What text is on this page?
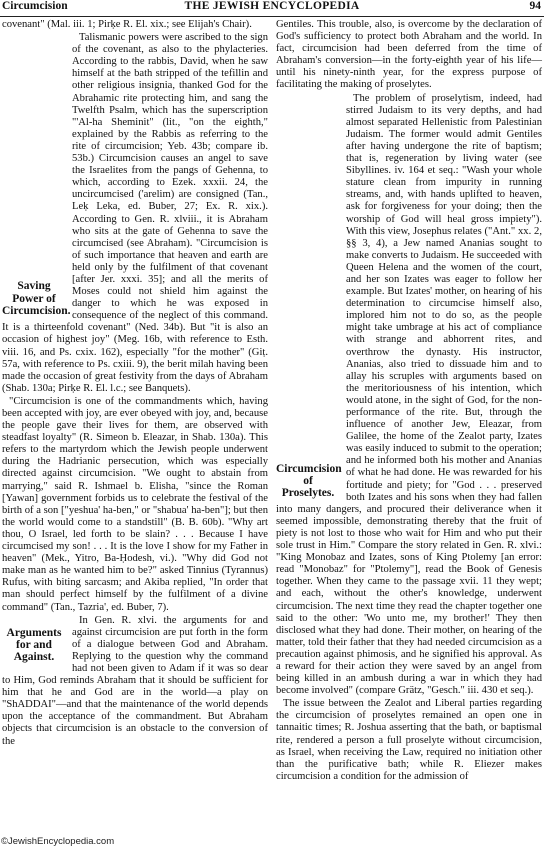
Circumcision	THE JEWISH ENCYCLOPEDIA	94

covenant" (Mal. iii. 1; Pirḳe R. El. xix.; see Elijah's Chair).

Saving Power of Circumcision.
Talismanic powers were ascribed to the sign of the covenant, as also to the phylacteries. According to the rabbis, David, when he saw himself at the bath stripped of the tefillin and other religious insignia, thanked God for the Abrahamic rite protecting him, and sang the Twelfth Psalm, which has the superscription "'Al-ha Sheminit" (lit., "on the eighth," explained by the Rabbis as referring to the rite of circumcision; Yeb. 43b; compare ib. 53b.) Circumcision causes an angel to save the Israelites from the pangs of Gehenna, to which, according to Ezek. xxxii. 24, the uncircumcised ('arelim) are consigned (Tan., Leḳ Leka, ed. Buber, 27; Ex. R. xix.). According to Gen. R. xlviii., it is Abraham who sits at the gate of Gehenna to save the circumcised (see Abraham). "Circumcision is of such importance that heaven and earth are held only by the fulfilment of that covenant [after Jer. xxxi. 35]; and all the merits of Moses could not shield him against the danger to which he was exposed in consequence of the neglect of this command. It is a thirteenfold covenant" (Ned. 34b). But "it is also an occasion of highest joy" (Meg. 16b, with reference to Esth. viii. 16, and Ps. cxix. 162), especially "for the mother" (Giṭ. 57a, with reference to Ps. cxiii. 9), the berit milah having been made the occasion of great festivity from the days of Abraham (Shab. 130a; Pirḳe R. El. l.c.; see Banquets).

"Circumcision is one of the commandments which, having been accepted with joy, are ever obeyed with joy, and, because the people gave their lives for them, are observed with steadfast loyalty" (R. Simeon b. Eleazar, in Shab. 130a). This refers to the martyrdom which the Jewish people underwent during the Hadrianic persecution, which was especially directed against circumcision. "We ought to abstain from marrying," said R. Ishmael b. Elisha, "since the Roman [Yawan] government forbids us to celebrate the festival of the birth of a son ["yeshua' ha-ben," or "shabua' ha-ben"]; but then the world would come to a standstill" (B. B. 60b). "Why art thou, O Israel, led forth to be slain? . . . Because I have circumcised my son! . . . It is the love I show for my Father in heaven" (Mek., Yitro, Ba-Ḥodesh, vi.). "Why did God not make man as he wanted him to be?" asked Tinnius (Tyrannus) Rufus, with biting sarcasm; and Akiba replied, "In order that man should perfect himself by the fulfilment of a divine command" (Tan., Tazria', ed. Buber, 7).

Arguments for and Against.
In Gen. R. xlvi. the arguments for and against circumcision are put forth in the form of a dialogue between God and Abraham. Replying to the question why the command had not been given to Adam if it was so dear to Him, God reminds Abraham that it should be sufficient for him that he and God are in the world—a play on "ShADDAI"—and that the maintenance of the world depends upon the acceptance of the commandment. But Abraham objects that circumcision is an obstacle to the conversion of the

Gentiles. This trouble, also, is overcome by the declaration of God's sufficiency to protect both Abraham and the world. In fact, circumcision had been deferred from the time of Abraham's conversion—in the forty-eighth year of his life—until his ninety-ninth year, for the express purpose of facilitating the making of proselytes.

Circumcision of Proselytes.
The problem of proselytism, indeed, had stirred Judaism to its very depths, and had almost separated Hellenistic from Palestinian Judaism. The former would admit Gentiles after having undergone the rite of baptism; that is, regeneration by living water (see Sibyllines. iv. 164 et seq.: "Wash your whole stature clean from impurity in running streams, and, with hands uplifted to heaven, ask for forgiveness for your doing; then the worship of God will heal gross impiety"). With this view, Josephus relates ("Ant." xx. 2, §§ 3, 4), a Jew named Ananias sought to make converts to Judaism. He succeeded with Queen Helena and the women of the court, and her son Izates was eager to follow her example. But Izates' mother, on hearing of his determination to circumcise himself also, implored him not to do so, as the people might take umbrage at his act of compliance with strange and abhorrent rites, and overthrow the dynasty. His instructor, Ananias, also tried to dissuade him and to allay his scruples with arguments based on the meritoriousness of his intention, which would atone, in the sight of God, for the non-performance of the rite. But, through the influence of another Jew, Eleazar, from Galilee, the home of the Zealot party, Izates was easily induced to submit to the operation; and he informed both his mother and Ananias of what he had done. He was rewarded for his fortitude and piety; for "God . . . preserved both Izates and his sons when they had fallen into many dangers, and procured their deliverance when it seemed impossible, demonstrating thereby that the fruit of piety is not lost to those who wait for Him and who put their sole trust in Him." Compare the story related in Gen. R. xlvi.: "King Monobaz and Izates, sons of King Ptolemy [an error: read "Monobaz" for "Ptolemy"], read the Book of Genesis together. When they came to the passage xvii. 11 they wept; and each, without the other's knowledge, underwent circumcision. The next time they read the chapter together one said to the other: 'Wo unto me, my brother!' They then disclosed what they had done. Their mother, on hearing of the matter, told their father that they had needed circumcision as a precaution against phimosis, and he signified his approval. As a reward for their action they were saved by an angel from being killed in an ambush during a war in which they had become involved" (compare Grätz, "Gesch." iii. 430 et seq.).

The issue between the Zealot and Liberal parties regarding the circumcision of proselytes remained an open one in tannaitic times; R. Joshua asserting that the bath, or baptismal rite, rendered a person a full proselyte without circumcision, as Israel, when receiving the Law, required no initiation other than the purificative bath; while R. Eliezer makes circumcision a condition for the admission of

©JewishEncyclopedia.com
